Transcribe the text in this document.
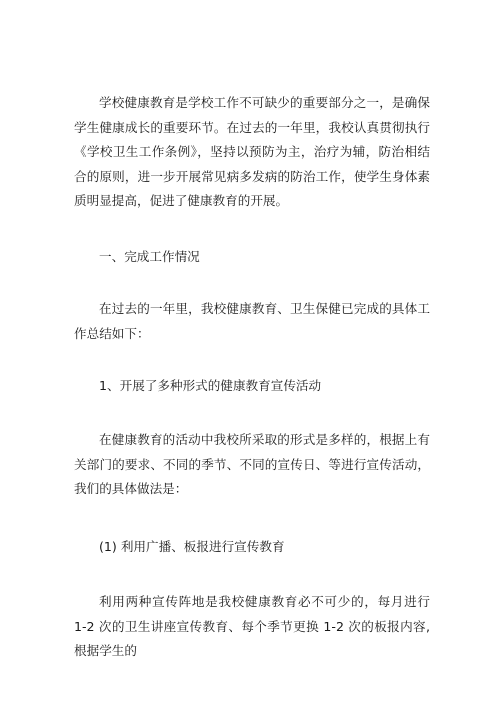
学校健康教育是学校工作不可缺少的重要部分之一，是确保学生健康成长的重要环节。在过去的一年里，我校认真贯彻执行《学校卫生工作条例》，坚持以预防为主，治疗为辅，防治相结合的原则，进一步开展常见病多发病的防治工作，使学生身体素质明显提高，促进了健康教育的开展。

一、完成工作情况

在过去的一年里，我校健康教育、卫生保健已完成的具体工作总结如下：

1、开展了多种形式的健康教育宣传活动

在健康教育的活动中我校所采取的形式是多样的，根据上有关部门的要求、不同的季节、不同的宣传日、等进行宣传活动，我们的具体做法是：

(1) 利用广播、板报进行宣传教育

利用两种宣传阵地是我校健康教育必不可少的，每月进行 1-2 次的卫生讲座宣传教育、每个季节更换 1-2 次的板报内容,根据学生的
